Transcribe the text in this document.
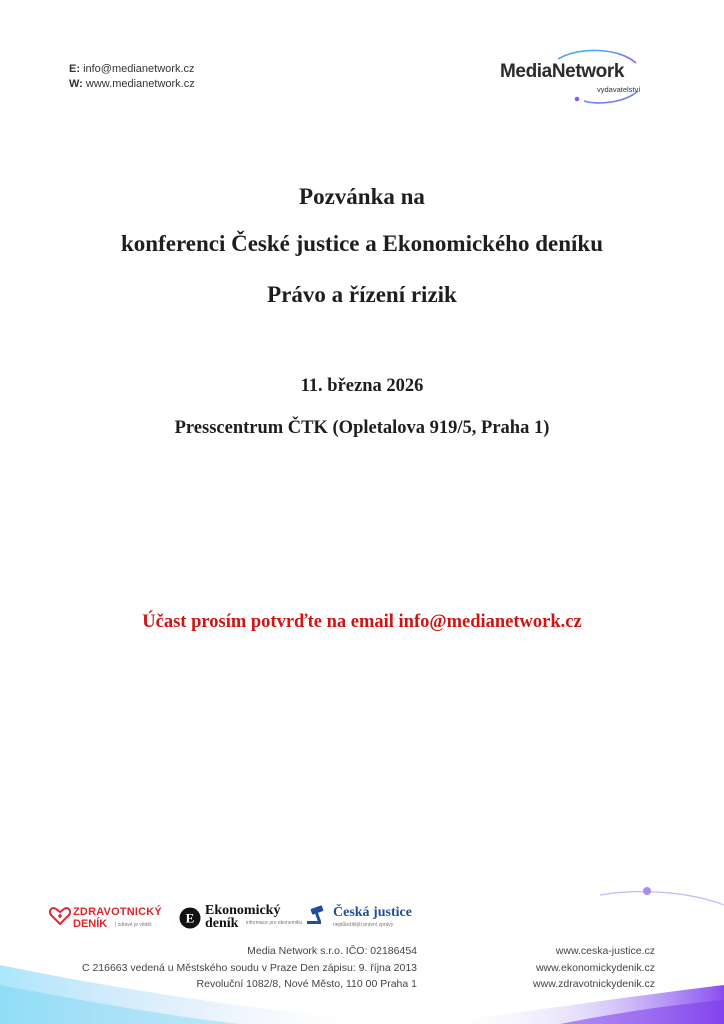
E: info@medianetwork.cz
W: www.medianetwork.cz
MediaNetwork
vydavatelství
Pozvánka na
konferenci České justice a Ekonomického deníku
Právo a řízení rizik
11. března 2026
Presscentrum ČTK (Opletalova 919/5, Praha 1)
Účast prosím potvrďte na email info@medianetwork.cz
ZDRAVOTNICKÝ
DENÍK | zdravé je vědět	E Ekonomický
deník informace pro ekonomiku
Česká justice
nejdůležitější právní zprávy
Media Network s.r.o. IČO: 02186454
C 216663 vedená u Městského soudu v Praze Den zápisu: 9. října 2013
Revoluční 1082/8, Nové Město, 110 00 Praha 1
www.ceska-justice.cz
www.ekonomickydenik.cz
www.zdravotnickydenik.cz
